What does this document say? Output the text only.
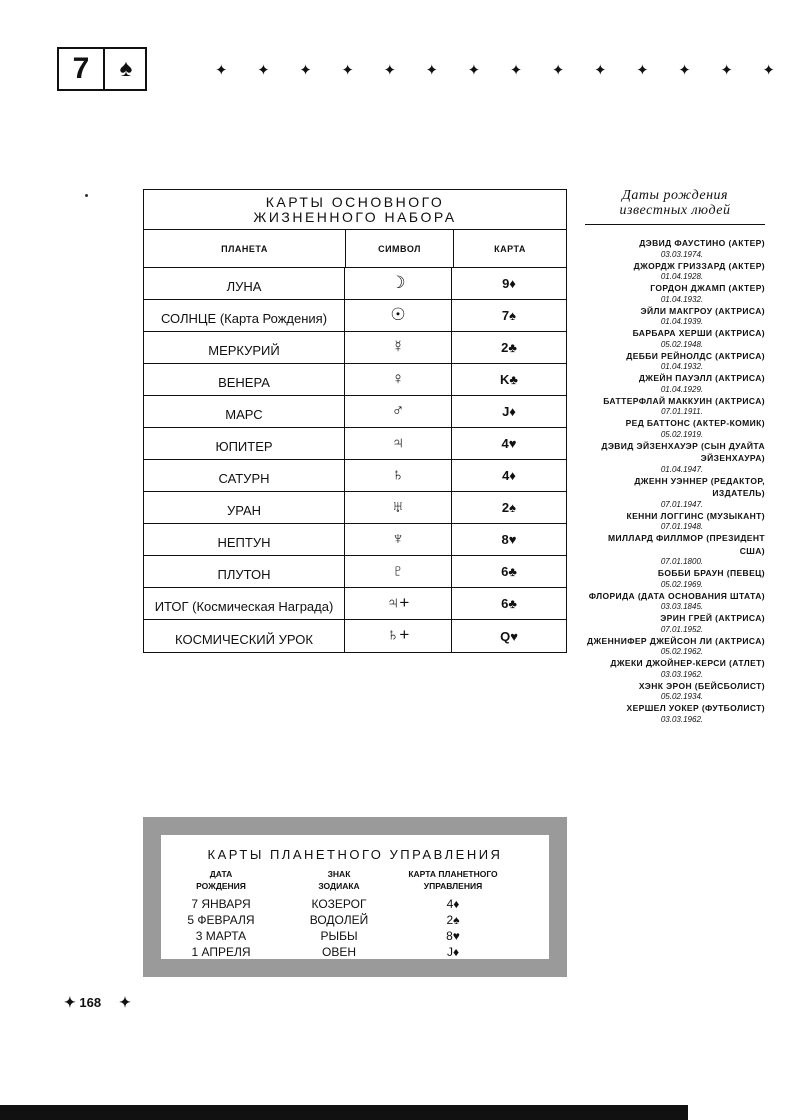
7	♠	✦ ✦ ✦ ✦ ✦ ✦ ✦ ✦ ✦ ✦ ✦ ✦ ✦ ✦
КАРТЫ ОСНОВНОГО
ЖИЗНЕННОГО НАБОРА
ПЛАНЕТА	СИМВОЛ	КАРТА
ЛУНА	☽	9♦
СОЛНЦЕ (Карта Рождения)	☉	7♠
МЕРКУРИЙ	☿	2♣
ВЕНЕРА	♀	K♣
МАРС	♂	J♦
ЮПИТЕР	♃	4♥
САТУРН	♄	4♦
УРАН	♅	2♠
НЕПТУН	♆	8♥
ПЛУТОН	♇	6♣
ИТОГ (Космическая Награда)	♃+	6♣
КОСМИЧЕСКИЙ УРОК	♄+	Q♥
Даты рождения
известных людей
ДЭВИД ФАУСТИНО (АКТЕР)
03.03.1974.
ДЖОРДЖ ГРИЗЗАРД (АКТЕР)
01.04.1928.
ГОРДОН ДЖАМП (АКТЕР)
01.04.1932.
ЭЙЛИ МАКГРОУ (АКТРИСА)
01.04.1939.
БАРБАРА ХЕРШИ (АКТРИСА)
05.02.1948.
ДЕББИ РЕЙНОЛДС (АКТРИСА)
01.04.1932.
ДЖЕЙН ПАУЭЛЛ (АКТРИСА)
01.04.1929.
БАТТЕРФЛАЙ МАККУИН (АКТРИСА)
07.01.1911.
РЕД БАТТОНС (АКТЕР-КОМИК)
05.02.1919.
ДЭВИД ЭЙЗЕНХАУЭР (СЫН ДУАЙТА ЭЙЗЕНХАУРА)
01.04.1947.
ДЖЕНН УЭННЕР (РЕДАКТОР, ИЗДАТЕЛЬ)
07.01.1947.
КЕННИ ЛОГГИНС (МУЗЫКАНТ)
07.01.1948.
МИЛЛАРД ФИЛЛМОР (ПРЕЗИДЕНТ США)
07.01.1800.
БОББИ БРАУН (ПЕВЕЦ)
05.02.1969.
ФЛОРИДА (ДАТА ОСНОВАНИЯ ШТАТА)
03.03.1845.
ЭРИН ГРЕЙ (АКТРИСА)
07.01.1952.
ДЖЕННИФЕР ДЖЕЙСОН ЛИ (АКТРИСА)
05.02.1962.
ДЖЕКИ ДЖОЙНЕР-КЕРСИ (АТЛЕТ)
03.03.1962.
ХЭНК ЭРОН (БЕЙСБОЛИСТ)
05.02.1934.
ХЕРШЕЛ УОКЕР (ФУТБОЛИСТ)
03.03.1962.
КАРТЫ ПЛАНЕТНОГО УПРАВЛЕНИЯ
ДАТА
РОЖДЕНИЯ
ЗНАК
ЗОДИАКА
КАРТА ПЛАНЕТНОГО
УПРАВЛЕНИЯ
7 ЯНВАРЯ	КОЗЕРОГ	4♦
5 ФЕВРАЛЯ	ВОДОЛЕЙ	2♠
3 МАРТА	РЫБЫ	8♥
1 АПРЕЛЯ	ОВЕН	J♦
✦ 168 ✦
